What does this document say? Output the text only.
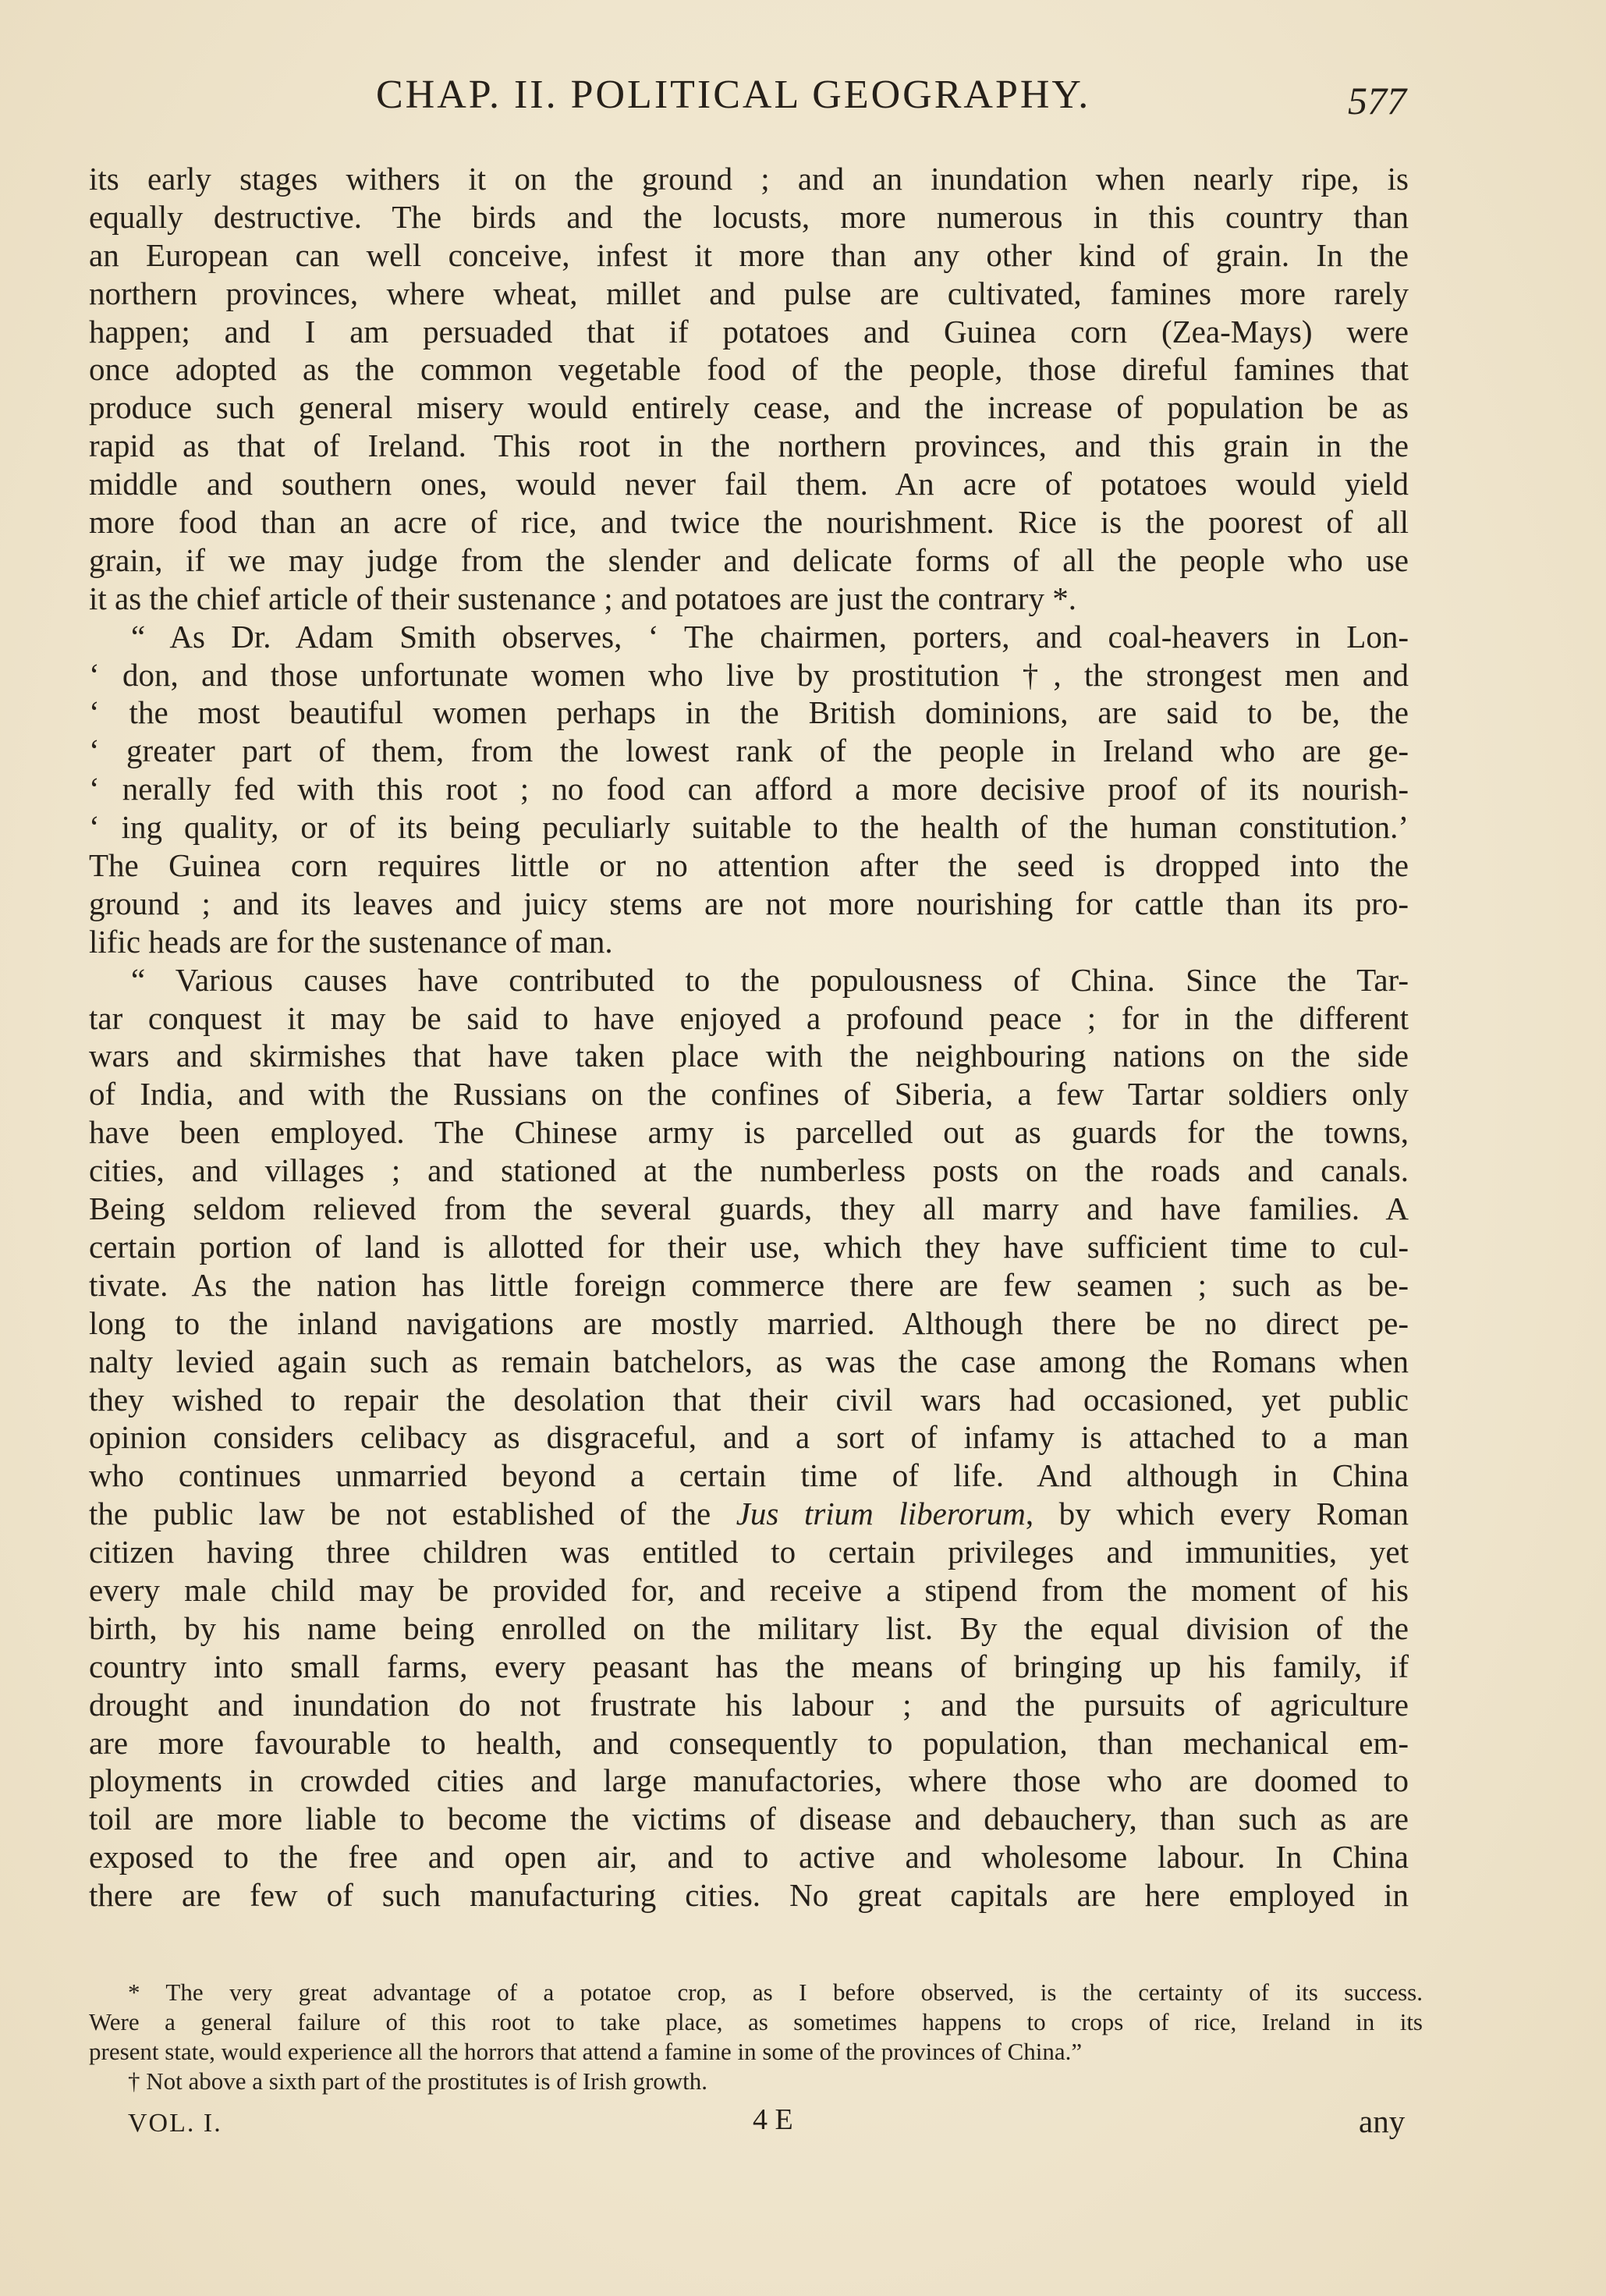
CHAP. II. POLITICAL GEOGRAPHY.	577
its early stages withers it on the ground ; and an inundation when nearly ripe, is
equally destructive. The birds and the locusts, more numerous in this country than
an European can well conceive, infest it more than any other kind of grain. In the
northern provinces, where wheat, millet and pulse are cultivated, famines more rarely
happen; and I am persuaded that if potatoes and Guinea corn (Zea-Mays) were
once adopted as the common vegetable food of the people, those direful famines that
produce such general misery would entirely cease, and the increase of population be as
rapid as that of Ireland. This root in the northern provinces, and this grain in the
middle and southern ones, would never fail them. An acre of potatoes would yield
more food than an acre of rice, and twice the nourishment. Rice is the poorest of all
grain, if we may judge from the slender and delicate forms of all the people who use
it as the chief article of their sustenance ; and potatoes are just the contrary *.
“ As Dr. Adam Smith observes, ‘ The chairmen, porters, and coal-heavers in Lon-
‘ don, and those unfortunate women who live by prostitution †, the strongest men and
‘ the most beautiful women perhaps in the British dominions, are said to be, the
‘ greater part of them, from the lowest rank of the people in Ireland who are ge-
‘ nerally fed with this root ; no food can afford a more decisive proof of its nourish-
‘ ing quality, or of its being peculiarly suitable to the health of the human constitution.’
The Guinea corn requires little or no attention after the seed is dropped into the
ground ; and its leaves and juicy stems are not more nourishing for cattle than its pro-
lific heads are for the sustenance of man.
“ Various causes have contributed to the populousness of China. Since the Tar-
tar conquest it may be said to have enjoyed a profound peace ; for in the different
wars and skirmishes that have taken place with the neighbouring nations on the side
of India, and with the Russians on the confines of Siberia, a few Tartar soldiers only
have been employed. The Chinese army is parcelled out as guards for the towns,
cities, and villages ; and stationed at the numberless posts on the roads and canals.
Being seldom relieved from the several guards, they all marry and have families. A
certain portion of land is allotted for their use, which they have sufficient time to cul-
tivate. As the nation has little foreign commerce there are few seamen ; such as be-
long to the inland navigations are mostly married. Although there be no direct pe-
nalty levied again such as remain batchelors, as was the case among the Romans when
they wished to repair the desolation that their civil wars had occasioned, yet public
opinion considers celibacy as disgraceful, and a sort of infamy is attached to a man
who continues unmarried beyond a certain time of life. And although in China
the public law be not established of the Jus trium liberorum, by which every Roman
citizen having three children was entitled to certain privileges and immunities, yet
every male child may be provided for, and receive a stipend from the moment of his
birth, by his name being enrolled on the military list. By the equal division of the
country into small farms, every peasant has the means of bringing up his family, if
drought and inundation do not frustrate his labour ; and the pursuits of agriculture
are more favourable to health, and consequently to population, than mechanical em-
ployments in crowded cities and large manufactories, where those who are doomed to
toil are more liable to become the victims of disease and debauchery, than such as are
exposed to the free and open air, and to active and wholesome labour. In China
there are few of such manufacturing cities. No great capitals are here employed in
* The very great advantage of a potatoe crop, as I before observed, is the certainty of its success.
Were a general failure of this root to take place, as sometimes happens to crops of rice, Ireland in its
present state, would experience all the horrors that attend a famine in some of the provinces of China.”
† Not above a sixth part of the prostitutes is of Irish growth.
VOL. I.	4 E	any
